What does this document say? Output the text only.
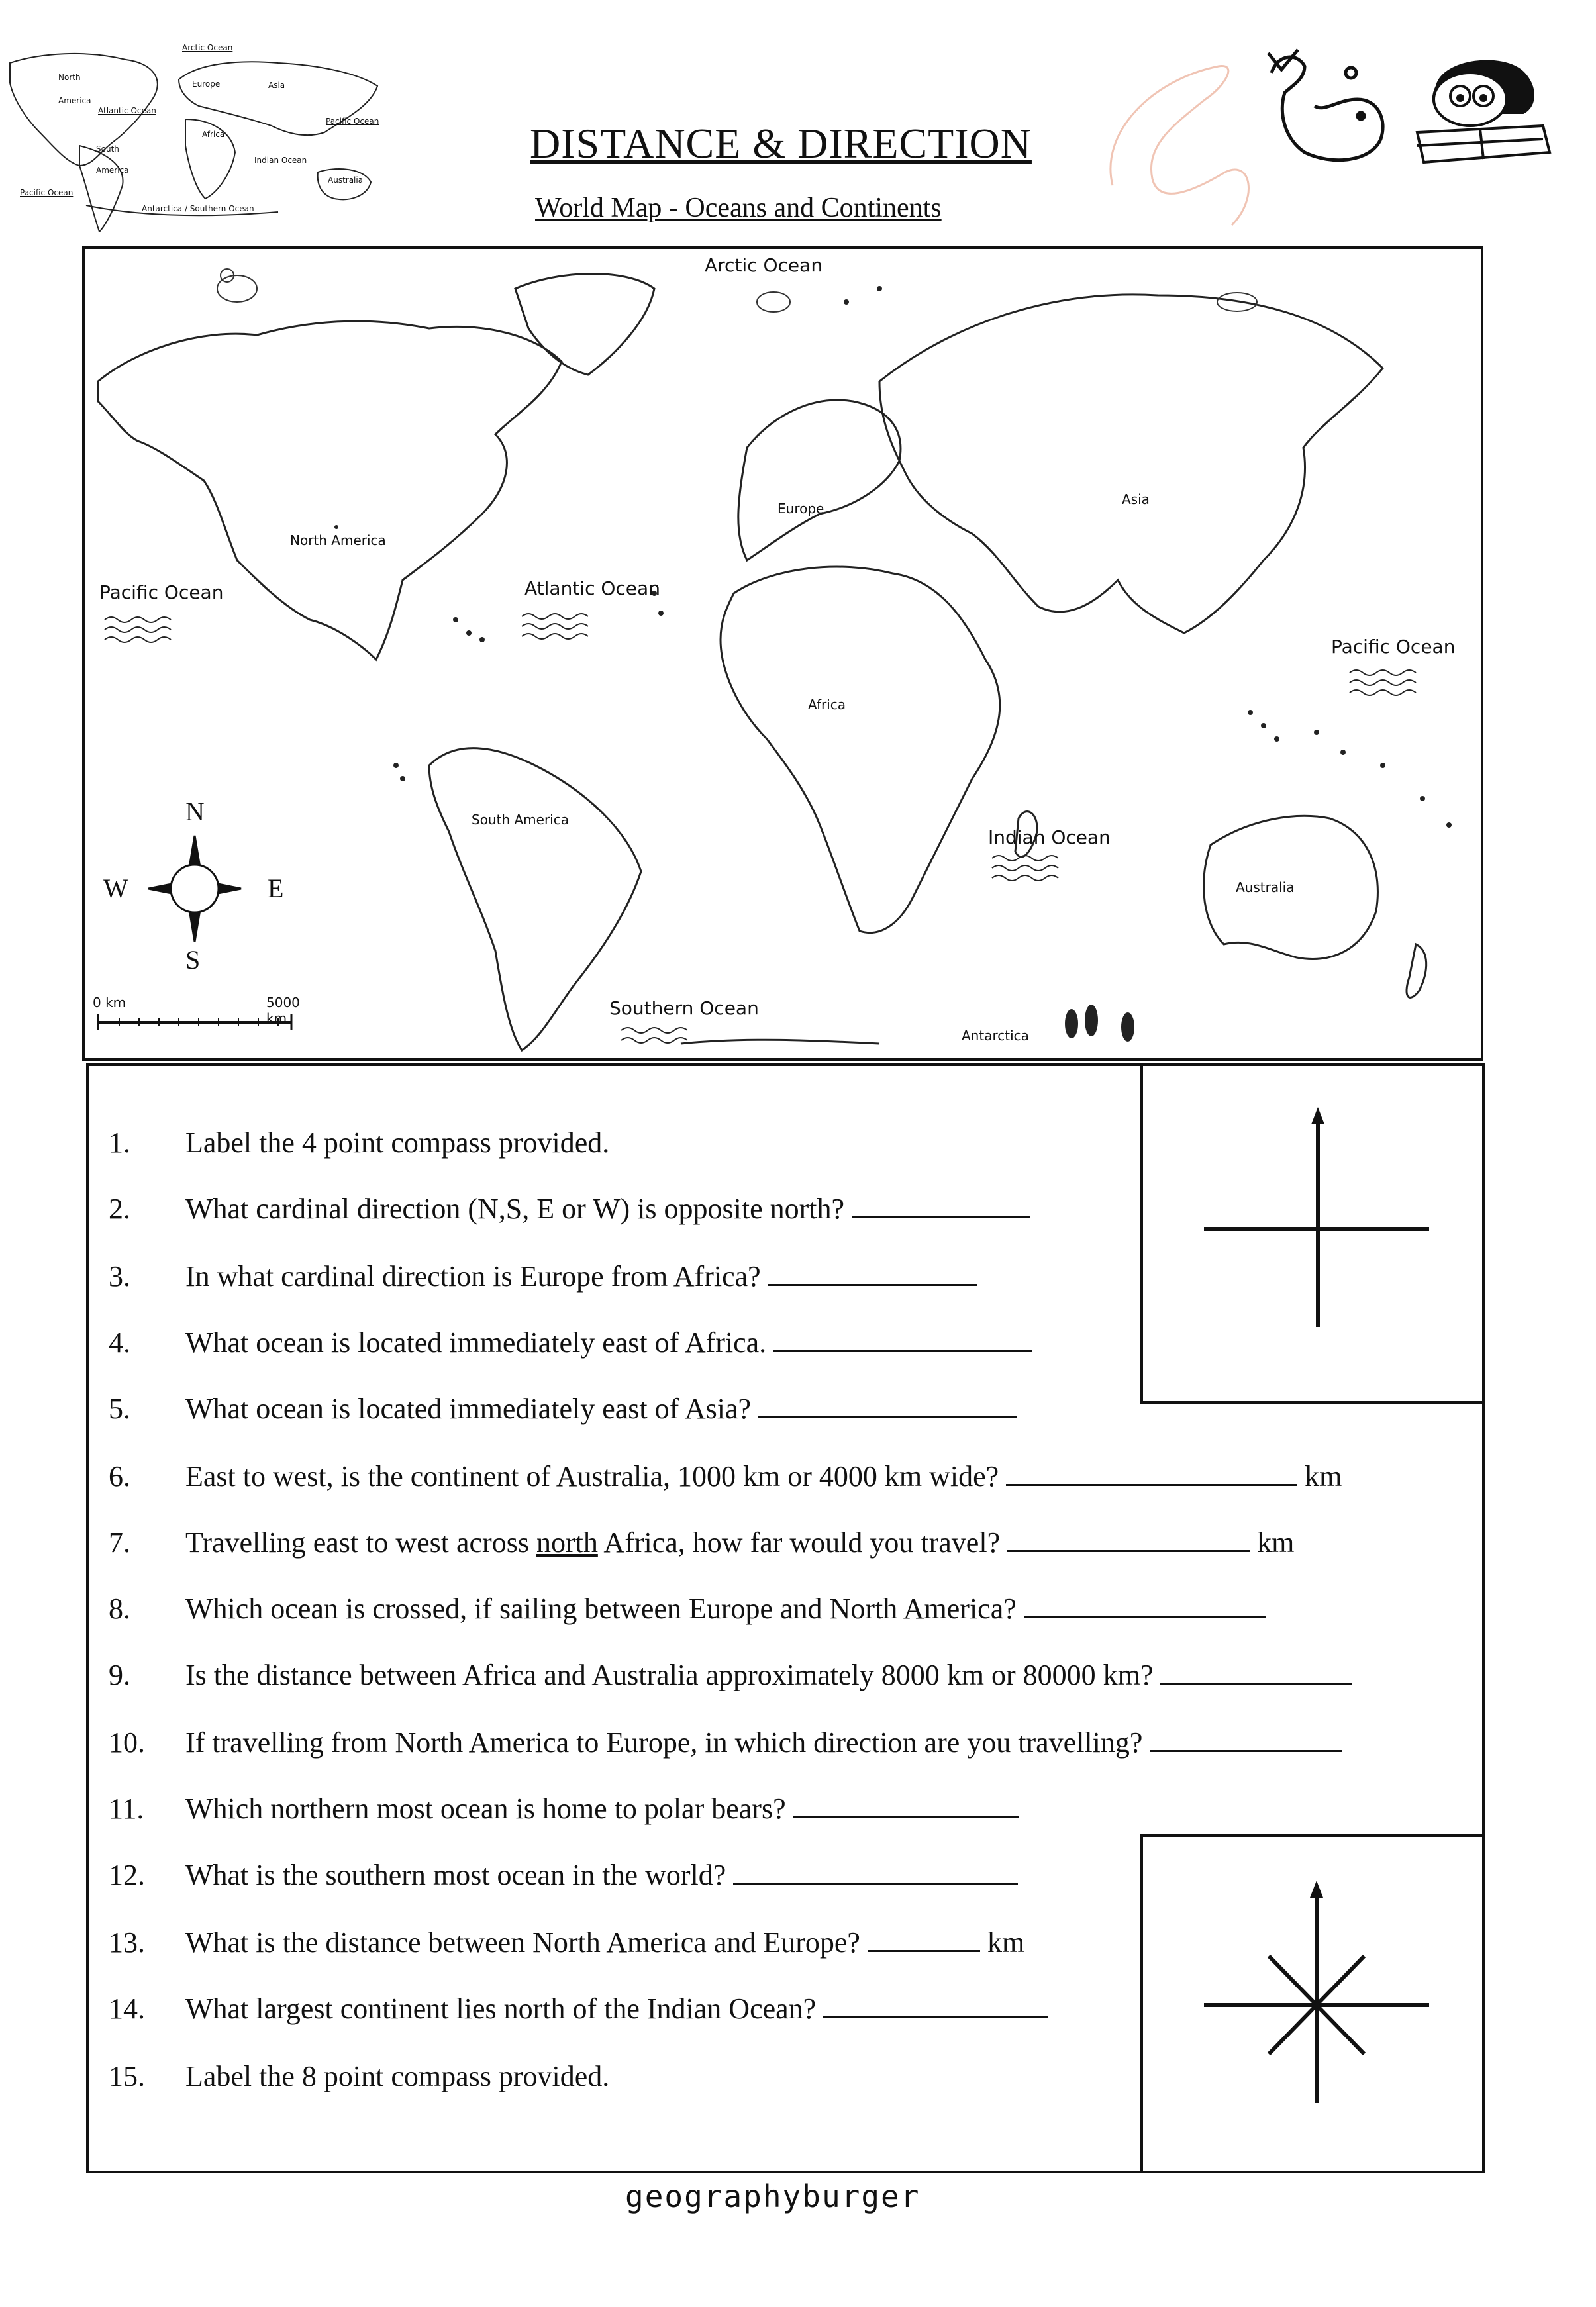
Arctic Ocean
North
America
Europe	Asia
Atlantic Ocean
Pacific Ocean
Africa
South
America
Indian Ocean
Australia
Pacific Ocean
Antarctica / Southern Ocean
DISTANCE & DIRECTION
World Map - Oceans and Continents
North America
South America
Europe
Asia
Africa
Australia
Antarctica
Arctic Ocean
Pacific Ocean	Atlantic Ocean
Pacific Ocean
Indian Ocean
Southern Ocean
N
S
W	E
0 km	5000 km
1.	Label the 4 point compass provided.
2.	What cardinal direction (N,S, E or W) is opposite north?
3.	In what cardinal direction is Europe from Africa?
4.	What ocean is located immediately east of Africa.
5.	What ocean is located immediately east of Asia?
6.	East to west, is the continent of Australia, 1000 km or 4000 km wide?	km
7.	Travelling east to west across north Africa, how far would you travel?	km
8.	Which ocean is crossed, if sailing between Europe and North America?
9.	Is the distance between Africa and Australia approximately 8000 km or 80000 km?
10.	If travelling from North America to Europe, in which direction are you travelling?
11.	Which northern most ocean is home to polar bears?
12.	What is the southern most ocean in the world?
13.	What is the distance between North America and Europe?	km
14.	What largest continent lies north of the Indian Ocean?
15.	Label the 8 point compass provided.
geographyburger
